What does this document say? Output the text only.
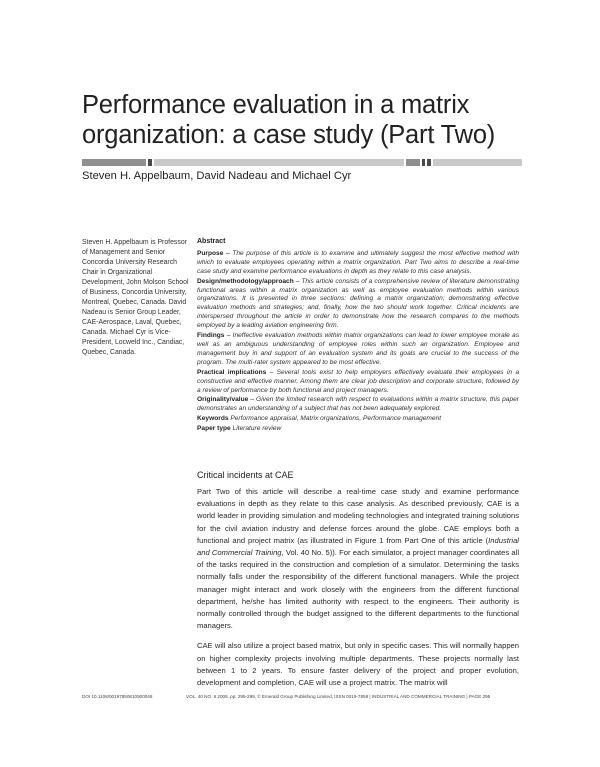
Performance evaluation in a matrix
organization: a case study (Part Two)

Steven H. Appelbaum, David Nadeau and Michael Cyr

Steven H. Appelbaum is Professor of Management and Senior Concordia University Research Chair in Organizational Development, John Molson School of Business, Concordia University, Montreal, Quebec, Canada. David Nadeau is Senior Group Leader, CAE-Aerospace, Laval, Quebec, Canada. Michael Cyr is Vice-President, Locweld Inc., Candiac, Quebec, Canada.

Abstract

Purpose – The purpose of this article is to examine and ultimately suggest the most effective method with which to evaluate employees operating within a matrix organization. Part Two aims to describe a real-time case study and examine performance evaluations in depth as they relate to this case analysis.

Design/methodology/approach – This article consists of a comprehensive review of literature demonstrating functional areas within a matrix organization as well as employee evaluation methods within various organizations. It is presented in three sections: defining a matrix organization; demonstrating effective evaluation methods and strategies; and, finally, how the two should work together. Critical incidents are interspersed throughout the article in order to demonstrate how the research compares to the methods employed by a leading aviation engineering firm.

Findings – Ineffective evaluation methods within matrix organizations can lead to lower employee morale as well as an ambiguous understanding of employee roles within such an organization. Employee and management buy in and support of an evaluation system and its goals are crucial to the success of the program. The multi-rater system appeared to be most effective.

Practical implications – Several tools exist to help employers effectively evaluate their employees in a constructive and effective manner. Among them are clear job description and corporate structure, followed by a review of performance by both functional and project managers.

Originality/value – Given the limited research with respect to evaluations within a matrix structure, this paper demonstrates an understanding of a subject that has not been adequately explored.

Keywords Performance appraisal, Matrix organizations, Performance management

Paper type Literature review

Critical incidents at CAE

Part Two of this article will describe a real-time case study and examine performance evaluations in depth as they relate to this case analysis. As described previously, CAE is a world leader in providing simulation and modeling technologies and integrated training solutions for the civil aviation industry and defense forces around the globe. CAE employs both a functional and project matrix (as illustrated in Figure 1 from Part One of this article (Industrial and Commercial Training, Vol. 40 No. 5)). For each simulator, a project manager coordinates all of the tasks required in the construction and completion of a simulator. Determining the tasks normally falls under the responsibility of the different functional managers. While the project manager might interact and work closely with the engineers from the different functional department, he/she has limited authority with respect to the engineers. Their authority is normally controlled through the budget assigned to the different departments to the functional managers.

CAE will also utilize a project based matrix, but only in specific cases. This will normally happen on higher complexity projects involving multiple departments. These projects normally last between 1 to 2 years. To ensure faster delivery of the project and proper evolution, development and completion, CAE will use a project matrix. The matrix will

DOI 10.1108/00197850810900048	VOL. 40 NO. 6 2008, pp. 295-299, © Emerald Group Publishing Limited, ISSN 0019-7858 | INDUSTRIAL AND COMMERCIAL TRAINING | PAGE 295
